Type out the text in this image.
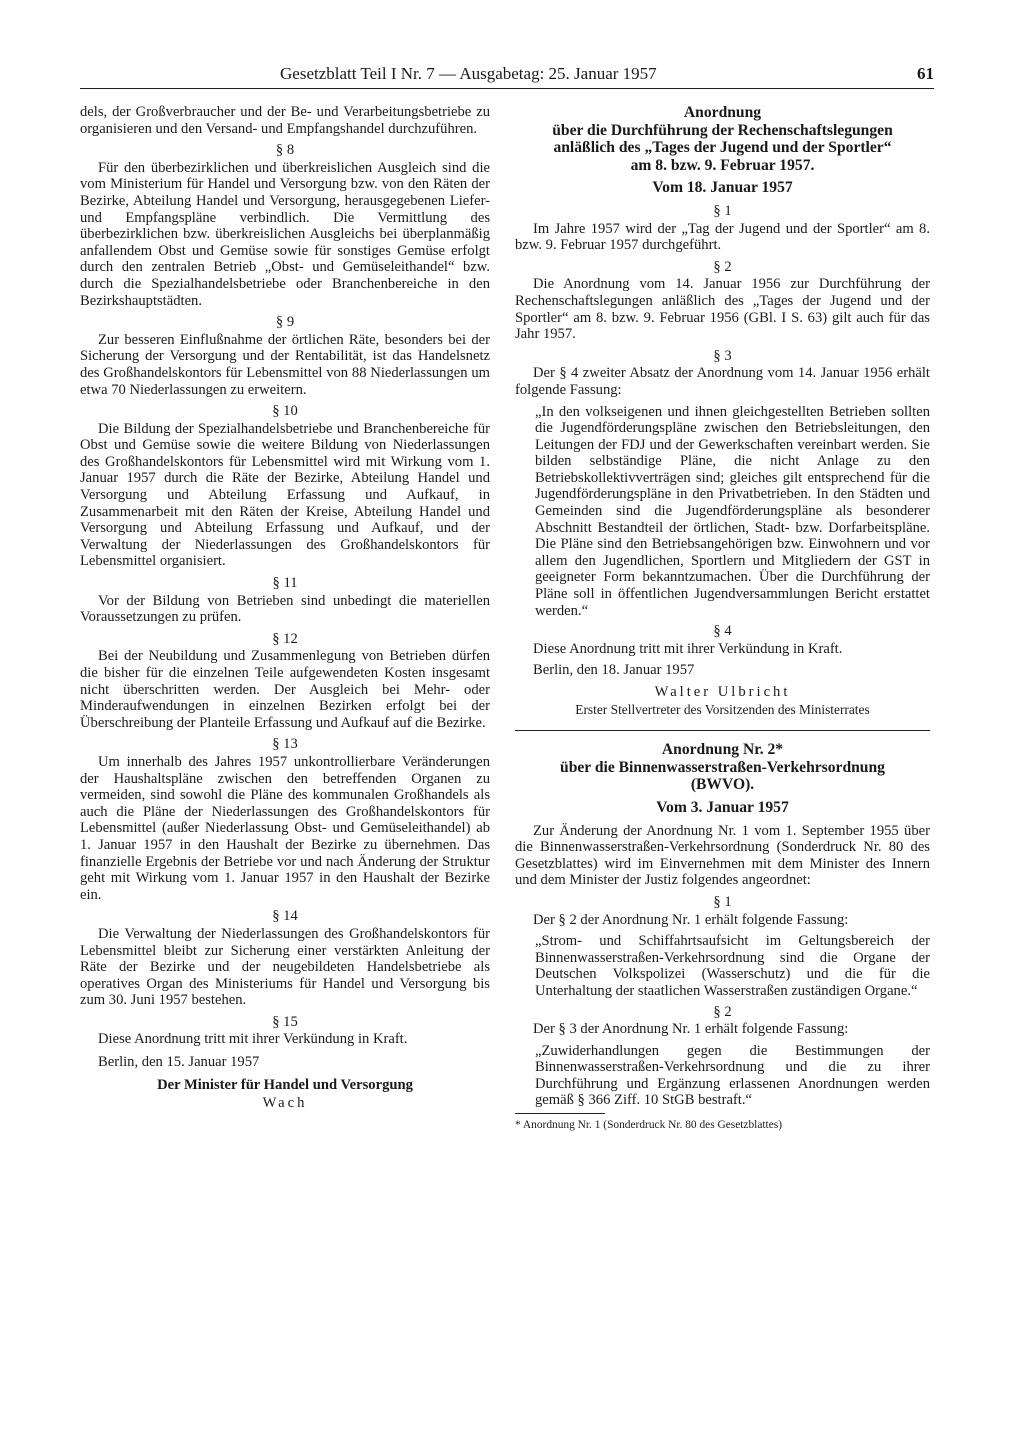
Gesetzblatt Teil I Nr. 7 — Ausgabetag: 25. Januar 1957	61

dels, der Großverbraucher und der Be- und Verarbeitungsbetriebe zu organisieren und den Versand- und Empfangshandel durchzuführen.

§ 8

Für den überbezirklichen und überkreislichen Ausgleich sind die vom Ministerium für Handel und Versorgung bzw. von den Räten der Bezirke, Abteilung Handel und Versorgung, herausgegebenen Liefer- und Empfangspläne verbindlich. Die Vermittlung des überbezirklichen bzw. überkreislichen Ausgleichs bei überplanmäßig anfallendem Obst und Gemüse sowie für sonstiges Gemüse erfolgt durch den zentralen Betrieb „Obst- und Gemüseleithandel“ bzw. durch die Spezialhandelsbetriebe oder Branchenbereiche in den Bezirkshauptstädten.

§ 9

Zur besseren Einflußnahme der örtlichen Räte, besonders bei der Sicherung der Versorgung und der Rentabilität, ist das Handelsnetz des Großhandelskontors für Lebensmittel von 88 Niederlassungen um etwa 70 Niederlassungen zu erweitern.

§ 10

Die Bildung der Spezialhandelsbetriebe und Branchenbereiche für Obst und Gemüse sowie die weitere Bildung von Niederlassungen des Großhandelskontors für Lebensmittel wird mit Wirkung vom 1. Januar 1957 durch die Räte der Bezirke, Abteilung Handel und Versorgung und Abteilung Erfassung und Aufkauf, in Zusammenarbeit mit den Räten der Kreise, Abteilung Handel und Versorgung und Abteilung Erfassung und Aufkauf, und der Verwaltung der Niederlassungen des Großhandelskontors für Lebensmittel organisiert.

§ 11

Vor der Bildung von Betrieben sind unbedingt die materiellen Voraussetzungen zu prüfen.

§ 12

Bei der Neubildung und Zusammenlegung von Betrieben dürfen die bisher für die einzelnen Teile aufgewendeten Kosten insgesamt nicht überschritten werden. Der Ausgleich bei Mehr- oder Minderaufwendungen in einzelnen Bezirken erfolgt bei der Überschreibung der Planteile Erfassung und Aufkauf auf die Bezirke.

§ 13

Um innerhalb des Jahres 1957 unkontrollierbare Veränderungen der Haushaltspläne zwischen den betreffenden Organen zu vermeiden, sind sowohl die Pläne des kommunalen Großhandels als auch die Pläne der Niederlassungen des Großhandelskontors für Lebensmittel (außer Niederlassung Obst- und Gemüseleithandel) ab 1. Januar 1957 in den Haushalt der Bezirke zu übernehmen. Das finanzielle Ergebnis der Betriebe vor und nach Änderung der Struktur geht mit Wirkung vom 1. Januar 1957 in den Haushalt der Bezirke ein.

§ 14

Die Verwaltung der Niederlassungen des Großhandelskontors für Lebensmittel bleibt zur Sicherung einer verstärkten Anleitung der Räte der Bezirke und der neugebildeten Handelsbetriebe als operatives Organ des Ministeriums für Handel und Versorgung bis zum 30. Juni 1957 bestehen.

§ 15

Diese Anordnung tritt mit ihrer Verkündung in Kraft.

Berlin, den 15. Januar 1957

Der Minister für Handel und Versorgung
Wach
Anordnung
über die Durchführung der Rechenschaftslegungen
anläßlich des „Tages der Jugend und der Sportler“
am 8. bzw. 9. Februar 1957.
Vom 18. Januar 1957
§ 1

Im Jahre 1957 wird der „Tag der Jugend und der Sportler“ am 8. bzw. 9. Februar 1957 durchgeführt.

§ 2

Die Anordnung vom 14. Januar 1956 zur Durchführung der Rechenschaftslegungen anläßlich des „Tages der Jugend und der Sportler“ am 8. bzw. 9. Februar 1956 (GBl. I S. 63) gilt auch für das Jahr 1957.

§ 3

Der § 4 zweiter Absatz der Anordnung vom 14. Januar 1956 erhält folgende Fassung:

„In den volkseigenen und ihnen gleichgestellten Betrieben sollten die Jugendförderungspläne zwischen den Betriebsleitungen, den Leitungen der FDJ und der Gewerkschaften vereinbart werden. Sie bilden selbständige Pläne, die nicht Anlage zu den Betriebskollektivverträgen sind; gleiches gilt entsprechend für die Jugendförderungspläne in den Privatbetrieben. In den Städten und Gemeinden sind die Jugendförderungspläne als besonderer Abschnitt Bestandteil der örtlichen, Stadt- bzw. Dorfarbeitspläne. Die Pläne sind den Betriebsangehörigen bzw. Einwohnern und vor allem den Jugendlichen, Sportlern und Mitgliedern der GST in geeigneter Form bekanntzumachen. Über die Durchführung der Pläne soll in öffentlichen Jugendversammlungen Bericht erstattet werden.“

§ 4

Diese Anordnung tritt mit ihrer Verkündung in Kraft.

Berlin, den 18. Januar 1957

Walter Ulbricht
Erster Stellvertreter des Vorsitzenden des Ministerrates
Anordnung Nr. 2*
über die Binnenwasserstraßen-Verkehrsordnung
(BWVO).
Vom 3. Januar 1957

Zur Änderung der Anordnung Nr. 1 vom 1. September 1955 über die Binnenwasserstraßen-Verkehrsordnung (Sonderdruck Nr. 80 des Gesetzblattes) wird im Einvernehmen mit dem Minister des Innern und dem Minister der Justiz folgendes angeordnet:

§ 1

Der § 2 der Anordnung Nr. 1 erhält folgende Fassung:

„Strom- und Schiffahrtsaufsicht im Geltungsbereich der Binnenwasserstraßen-Verkehrsordnung sind die Organe der Deutschen Volkspolizei (Wasserschutz) und die für die Unterhaltung der staatlichen Wasserstraßen zuständigen Organe.“

§ 2

Der § 3 der Anordnung Nr. 1 erhält folgende Fassung:

„Zuwiderhandlungen gegen die Bestimmungen der Binnenwasserstraßen-Verkehrsordnung und die zu ihrer Durchführung und Ergänzung erlassenen Anordnungen werden gemäß § 366 Ziff. 10 StGB bestraft.“

* Anordnung Nr. 1 (Sonderdruck Nr. 80 des Gesetzblattes)
